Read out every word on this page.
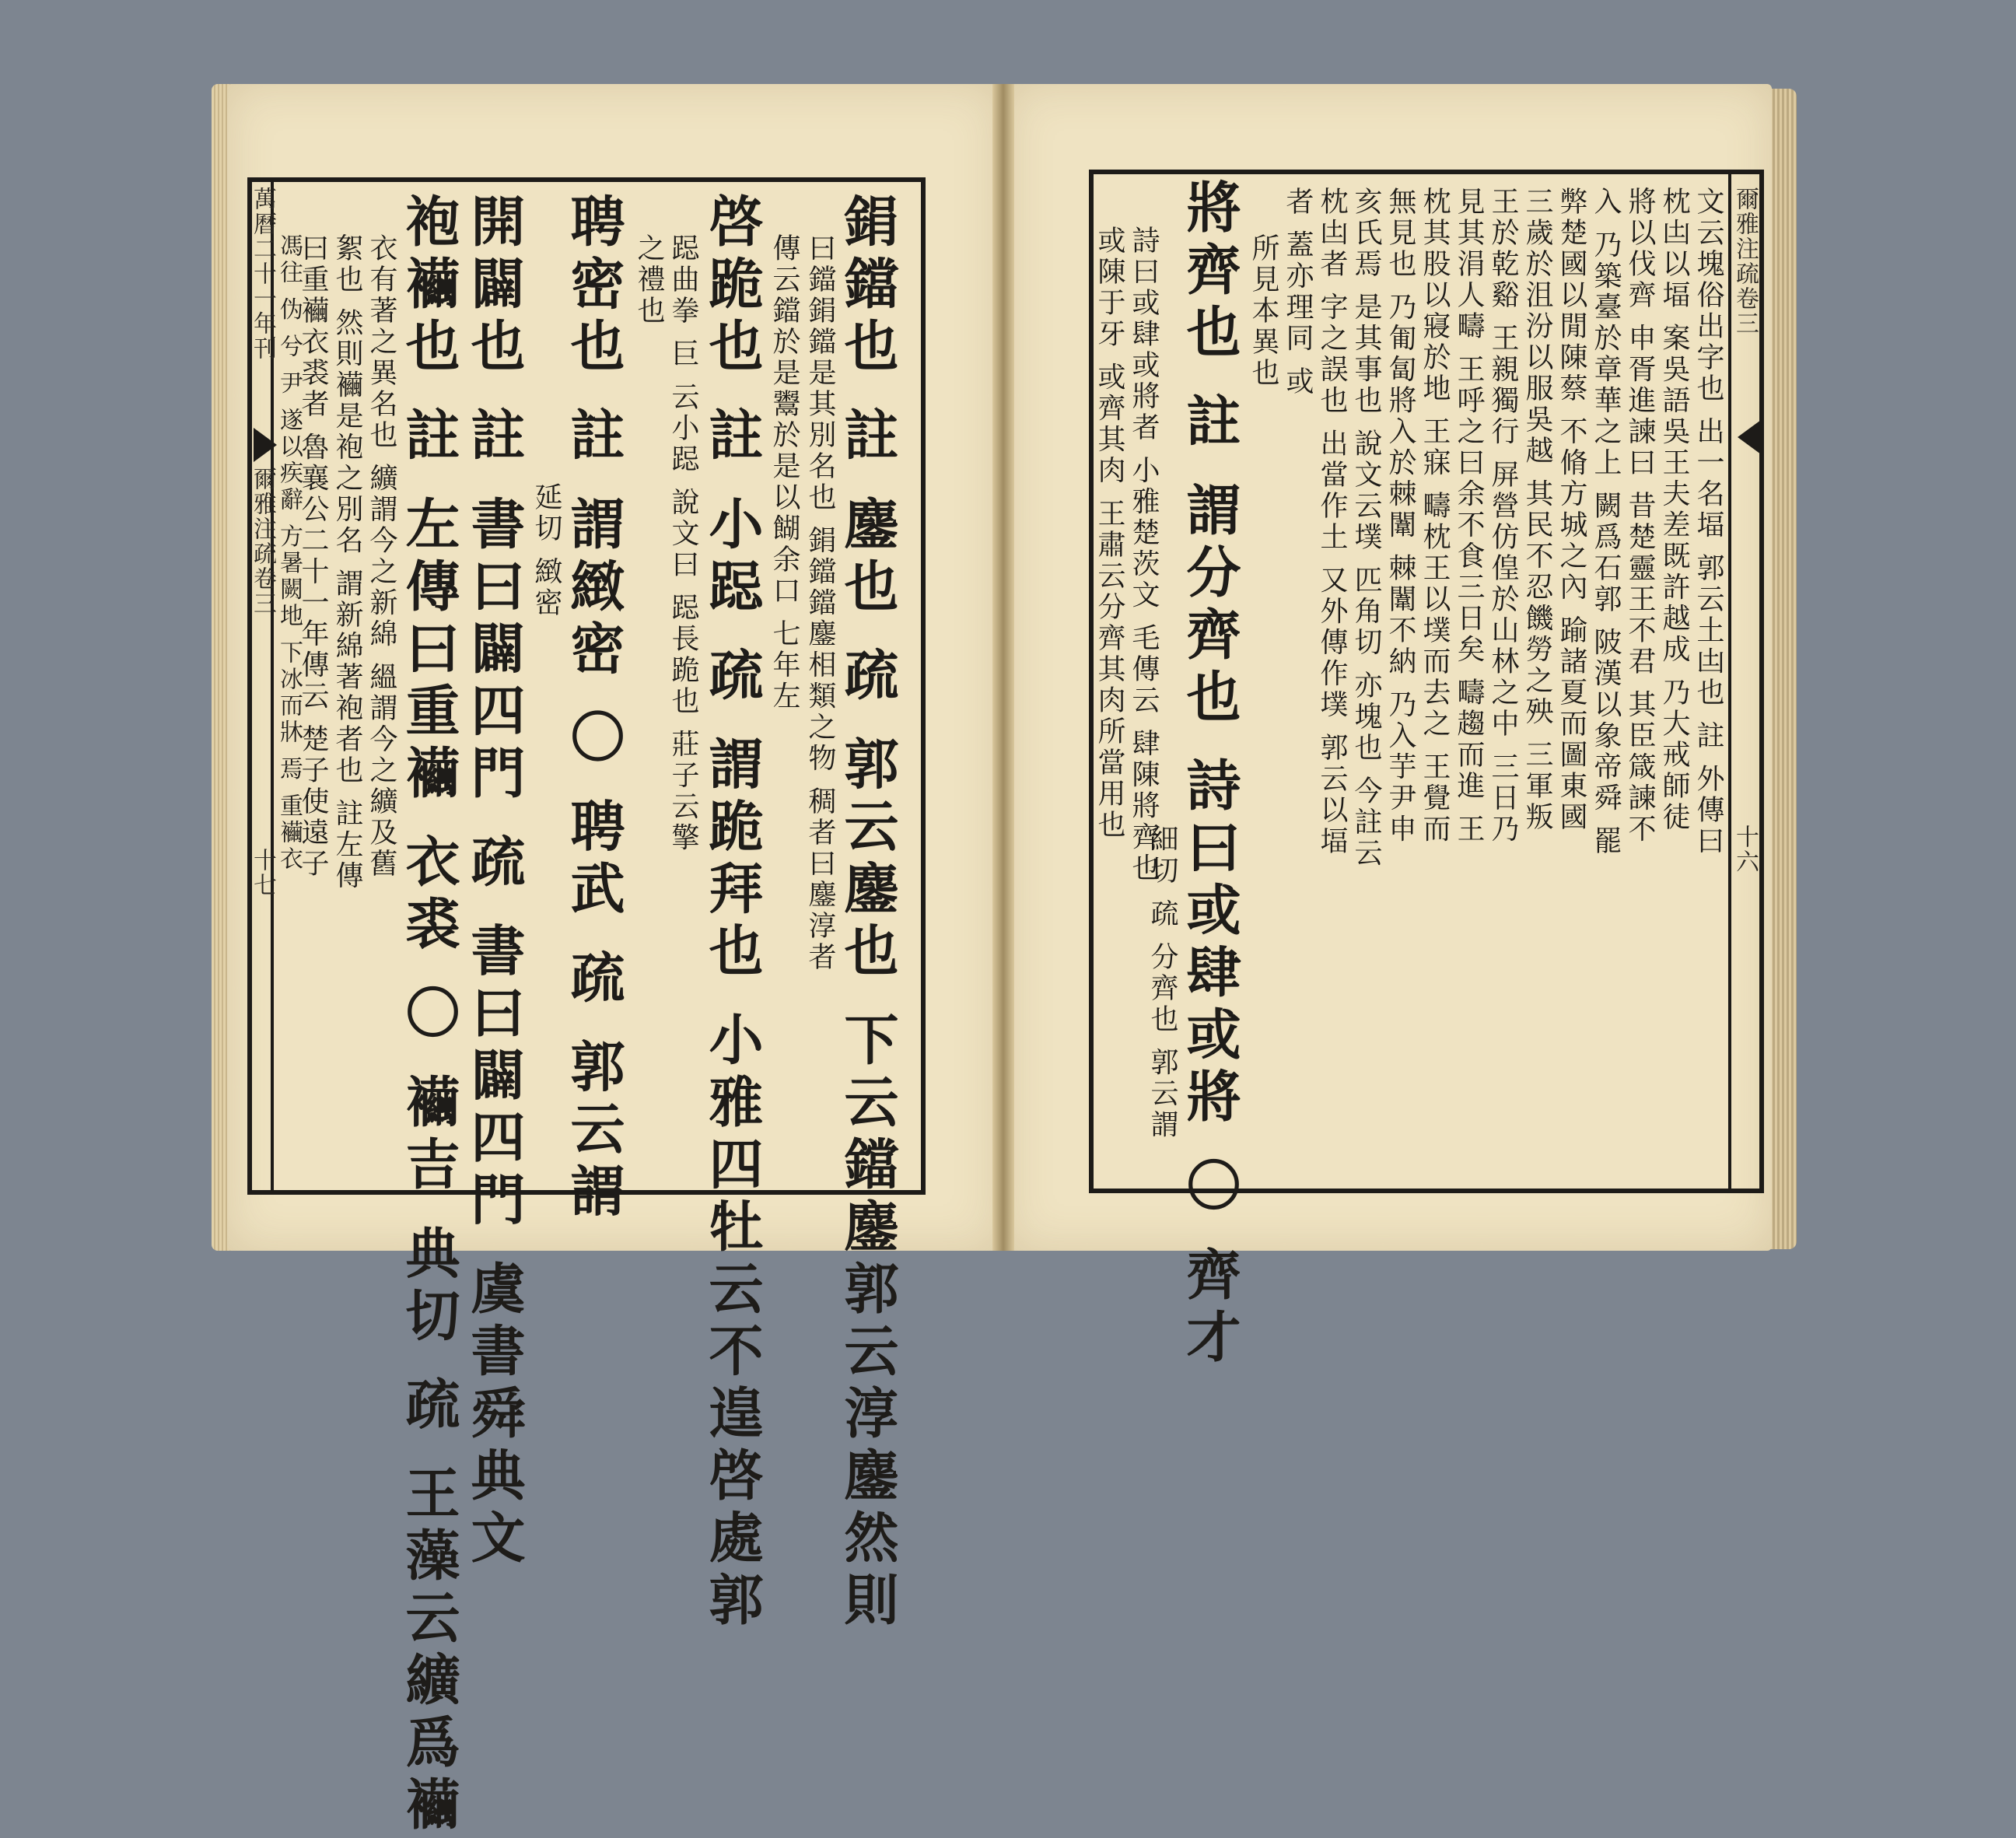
萬曆二十一年刊
爾雅注疏卷三
十七	鋗鐺也 註 鏖也 疏 郭云鏖也 下云鐺鏖郭云淳鏖然則
曰鐺鋗鐺是其別名也 鋗鐺鐺鏖相類之物 稠者曰鏖淳者
傳云鐺於是鬻於是以餬余口 七年左
啓跪也 註 小跽 疏 謂跪拜也 小雅四牡云不遑啓處郭
跽曲拳 巨 云小跽 說文曰 跽長跪也 莊子云擎
之禮也
聘密也 註 謂緻密 〇 聘武 疏 郭云謂
延切 緻密
開闢也 註 書曰闢四門 疏 書曰闢四門 虞書舜典文
袍襺也 註 左傳曰重襺 衣裘 〇 襺吉 典切 疏 王藻云纊爲襺
衣有著之異名也 纊謂今之新綿 縕謂今之纊及舊
絮也 然則襺是袍之別名 謂新綿著袍者也 註左傳
曰重襺衣裘者 魯襄公二十一年傳云 楚子使遠子
馮往 伪 兮 尹 遂以疾辭 方暑闕地 下冰而牀 焉 重襺衣	爾雅注疏卷三
十六
文云塊俗出字也 出一名堛 郭云土凷也 註 外傳曰
枕凷以堛 案吳語吳王夫差既許越成 乃大戒師徒
將以伐齊 申胥進諫曰 昔楚靈王不君 其臣箴諫不
入 乃築臺於章華之上 闕爲石郭 陂漢以象帝舜 罷
弊楚國以閒陳蔡 不脩方城之內 踰諸夏而圖東國
三歲於沮汾以服吳越 其民不忍饑勞之殃 三軍叛
王於乾谿 王親獨行 屏營仿偟於山林之中 三日乃
見其涓人疇 王呼之曰余不食三日矣 疇趨而進 王
枕其股以寢於地 王寐 疇枕王以墣而去之 王覺而
無見也 乃匍匐將入於棘闈 棘闈不納 乃入芋尹申
亥氏焉 是其事也 說文云墣 匹角切 亦塊也 今註云
枕凷者 字之誤也 出當作土 又外傳作墣 郭云以堛
者 蓋亦理同 或
所見本異也
將齊也 註 謂分齊也 詩曰或肆或將 〇 齊才
細切 疏 分齊也 郭云謂
詩曰或肆或將者 小雅楚茨文 毛傳云 肆陳將齊也
或陳于牙 或齊其肉 王肅云分齊其肉所當用也
